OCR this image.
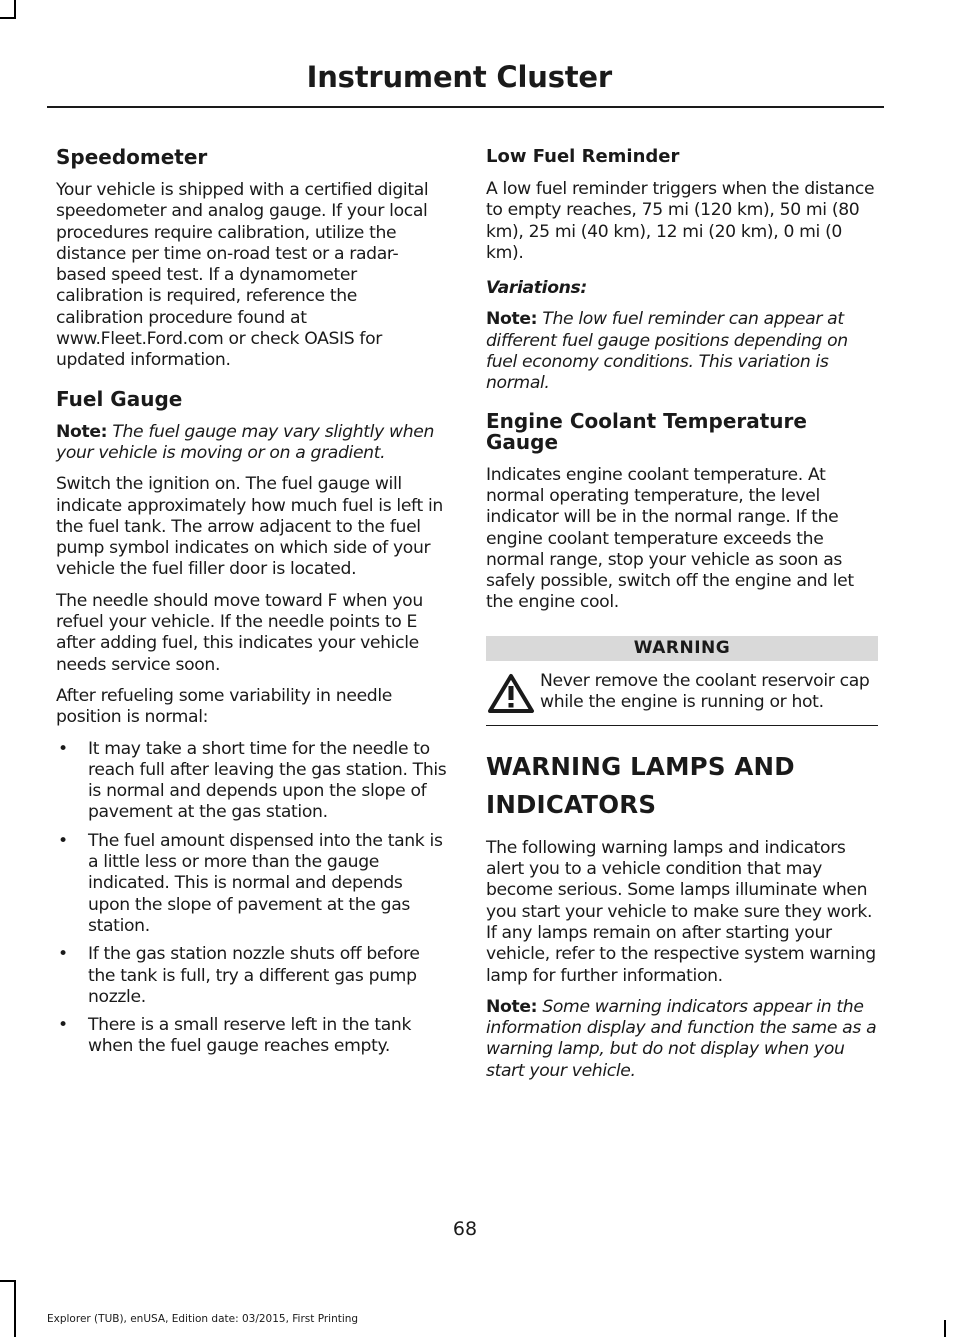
Instrument Cluster
Speedometer

Your vehicle is shipped with a certified digital speedometer and analog gauge. If your local procedures require calibration, utilize the distance per time on-road test or a radar-based speed test. If a dynamometer calibration is required, reference the calibration procedure found at www.Fleet.Ford.com or check OASIS for updated information.

Fuel Gauge

Note: The fuel gauge may vary slightly when your vehicle is moving or on a gradient.

Switch the ignition on. The fuel gauge will indicate approximately how much fuel is left in the fuel tank. The arrow adjacent to the fuel pump symbol indicates on which side of your vehicle the fuel filler door is located.

The needle should move toward F when you refuel your vehicle. If the needle points to E after adding fuel, this indicates your vehicle needs service soon.

After refueling some variability in needle position is normal:

• It may take a short time for the needle to reach full after leaving the gas station. This is normal and depends upon the slope of pavement at the gas station.
• The fuel amount dispensed into the tank is a little less or more than the gauge indicated. This is normal and depends upon the slope of pavement at the gas station.
• If the gas station nozzle shuts off before the tank is full, try a different gas pump nozzle.
• There is a small reserve left in the tank when the fuel gauge reaches empty.
Low Fuel Reminder

A low fuel reminder triggers when the distance to empty reaches, 75 mi (120 km), 50 mi (80 km), 25 mi (40 km), 12 mi (20 km), 0 mi (0 km).

Variations:

Note: The low fuel reminder can appear at different fuel gauge positions depending on fuel economy conditions. This variation is normal.

Engine Coolant Temperature Gauge

Indicates engine coolant temperature. At normal operating temperature, the level indicator will be in the normal range. If the engine coolant temperature exceeds the normal range, stop your vehicle as soon as safely possible, switch off the engine and let the engine cool.

WARNING

Never remove the coolant reservoir cap while the engine is running or hot.

WARNING LAMPS AND
INDICATORS

The following warning lamps and indicators alert you to a vehicle condition that may become serious. Some lamps illuminate when you start your vehicle to make sure they work. If any lamps remain on after starting your vehicle, refer to the respective system warning lamp for further information.

Note: Some warning indicators appear in the information display and function the same as a warning lamp, but do not display when you start your vehicle.

68
Explorer (TUB), enUSA, Edition date: 03/2015, First Printing
